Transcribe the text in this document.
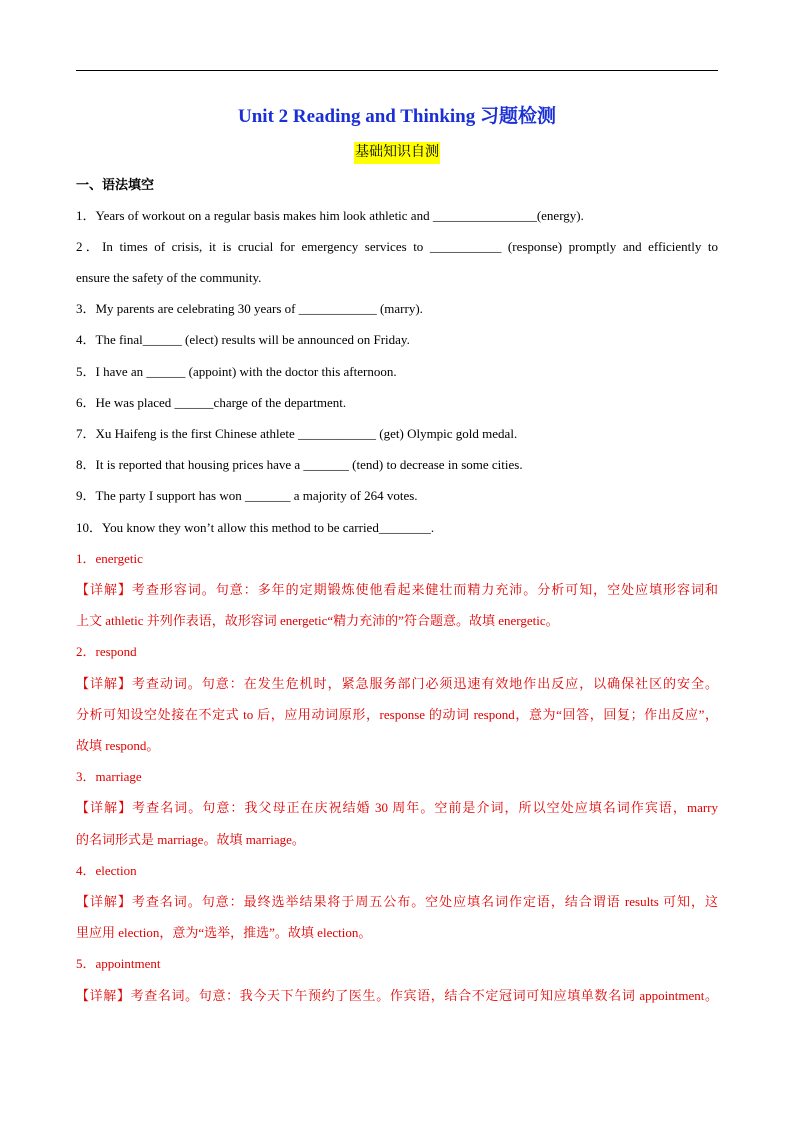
Unit 2 Reading and Thinking 习题检测
基础知识自测
一、语法填空
1．Years of workout on a regular basis makes him look athletic and ________________(energy).
2．In times of crisis, it is crucial for emergency services to ___________ (response) promptly and efficiently to
ensure the safety of the community.
3．My parents are celebrating 30 years of ____________ (marry).
4．The final______ (elect) results will be announced on Friday.
5．I have an ______ (appoint) with the doctor this afternoon.
6．He was placed ______charge of the department.
7．Xu Haifeng is the first Chinese athlete ____________ (get) Olympic gold medal.
8．It is reported that housing prices have a _______ (tend) to decrease in some cities.
9．The party I support has won _______ a majority of 264 votes.
10．You know they won’t allow this method to be carried________.
1．energetic
【详解】考查形容词。句意：多年的定期锻炼使他看起来健壮而精力充沛。分析可知，空处应填形容词和
上文 athletic 并列作表语，故形容词 energetic“精力充沛的”符合题意。故填 energetic。
2．respond
【详解】考查动词。句意：在发生危机时，紧急服务部门必须迅速有效地作出反应，以确保社区的安全。
分析可知设空处接在不定式 to 后，应用动词原形，response 的动词 respond，意为“回答，回复；作出反应”，
故填 respond。
3．marriage
【详解】考查名词。句意：我父母正在庆祝结婚 30 周年。空前是介词，所以空处应填名词作宾语，marry
的名词形式是 marriage。故填 marriage。
4．election
【详解】考查名词。句意：最终选举结果将于周五公布。空处应填名词作定语，结合谓语 results 可知，这
里应用 election，意为“选举，推选”。故填 election。
5．appointment
【详解】考查名词。句意：我今天下午预约了医生。作宾语，结合不定冠词可知应填单数名词 appointment。
